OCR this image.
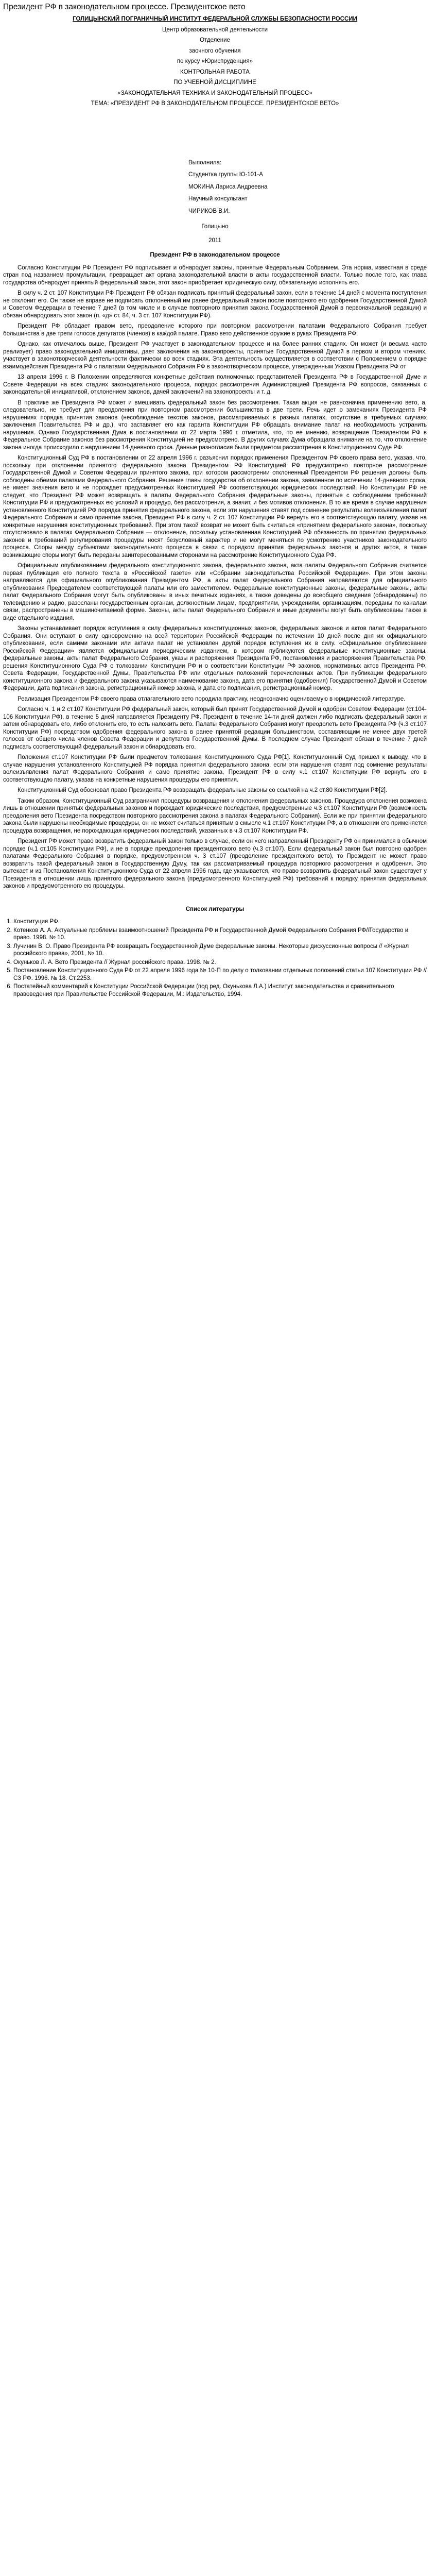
Президент РФ в законодательном процессе. Президентское вето

ГОЛИЦЫНСКИЙ ПОГРАНИЧНЫЙ ИНСТИТУТ ФЕДЕРАЛЬНОЙ СЛУЖБЫ БЕЗОПАСНОСТИ РОССИИ

Центр образовательной деятельности

Отделение

заочного обучения

по курсу «Юриспруденция»

КОНТРОЛЬНАЯ РАБОТА

ПО УЧЕБНОЙ ДИСЦИПЛИНЕ

«ЗАКОНОДАТЕЛЬНАЯ ТЕХНИКА И ЗАКОНОДАТЕЛЬНЫЙ ПРОЦЕСС»

ТЕМА: «ПРЕЗИДЕНТ РФ В ЗАКОНОДАТЕЛЬНОМ ПРОЦЕССЕ. ПРЕЗИДЕНТСКОЕ ВЕТО»

Выполнила:

Студентка группы Ю-101-А

МОКИНА Лариса Андреевна

Научный консультант

ЧИРИКОВ В.И.

Голицыно

2011

Президент РФ в законодательном процессе

Согласно Конституции РФ Президент РФ подписывает и обнародует законы, принятые Федеральным Собранием. Эта норма, известная в среде стран под названием промульгации, превращает акт органа законодательной власти в акты государственной власти. Только после того, как глава государства обнародует принятый федеральный закон, этот закон приобретает юридическую силу, обязательную исполнять его.

В силу ч. 2 ст. 107 Конституции РФ Президент РФ обязан подписать принятый федеральный закон, если в течение 14 дней с момента поступления не отклонит его. Он также не вправе не подписать отклоненный им ранее федеральный закон после повторного его одобрения Государственной Думой и Советом Федерации в течение 7 дней (в том числе и в случае повторного принятия закона Государственной Думой в первоначальной редакции) и обязан обнародовать этот закон (п. «д» ст. 84, ч. 3 ст. 107 Конституции РФ).

Президент РФ обладает правом вето, преодоление которого при повторном рассмотрении палатами Федерального Собрания требует большинства в две трети голосов депутатов (членов) в каждой палате. Право вето действенное оружие в руках Президента РФ.

Однако, как отмечалось выше, Президент РФ участвует в законодательном процессе и на более ранних стадиях. Он может (и весьма часто реализует) право законодательной инициативы, дает заключения на законопроекты, принятые Государственной Думой в первом и втором чтениях, участвует в законотворческой деятельности фактически во всех стадиях. Эта деятельность осуществляется в соответствии с Положением о порядке взаимодействия Президента РФ с палатами Федерального Собрания РФ в законотворческом процессе, утвержденным Указом Президента РФ от

13 апреля 1996 г. В Положении определяются конкретные действия полномочных представителей Президента РФ в Государственной Думе и Совете Федерации на всех стадиях законодательного процесса, порядок рассмотрения Администрацией Президента РФ вопросов, связанных с законодательной инициативой, отклонением законов, дачей заключений на законопроекты и т. д.

В практике же Президента РФ может и вмешивать федеральный закон без рассмотрения. Такая акция не равнозначна применению вето, а, следовательно, не требует для преодоления при повторном рассмотрении большинства в две трети. Речь идет о замечаниях Президента РФ нарушениях порядка принятия законов (несоблюдение текстов законов, рассматриваемых в разных палатах, отсутствие в требуемых случаях заключения Правительства РФ и др.), что заставляет его как гаранта Конституции РФ обращать внимание палат на необходимость устранить нарушения. Однако Государственная Дума в постановлении от 22 марта 1996 г. отметила, что, по ее мнению, возвращение Президентом РФ в Федеральное Собрание законов без рассмотрения Конституцией не предусмотрено. В других случаях Дума обращала внимание на то, что отклонение закона иногда происходило с нарушением 14-дневного срока. Данные разногласия были предметом рассмотрения в Конституционном Суде РФ.

Конституционный Суд РФ в постановлении от 22 апреля 1996 г. разъяснил порядок применения Президентом РФ своего права вето, указав, что, поскольку при отклонении принятого федерального закона Президентом РФ Конституцией РФ предусмотрено повторное рассмотрение Государственной Думой и Советом Федерации принятого закона, при котором рассмотрении отклоненный Президентом РФ решения должны быть соблюдены обеими палатами Федерального Собрания. Решение главы государства об отклонении закона, заявленное по истечении 14-дневного срока, не имеет значения вето и не порождает предусмотренных Конституцией РФ соответствующих юридических последствий. Но Конституции РФ не следует, что Президент РФ может возвращать в палаты Федерального Собрания федеральные законы, принятые с соблюдением требований Конституции РФ и предусмотренных ею условий и процедур, без рассмотрения, а значит, и без мотивов отклонения. В то же время в случае нарушения установленного Конституцией РФ порядка принятия федерального закона, если эти нарушения ставят под сомнение результаты волеизъявления палат Федерального Собрания и само принятие закона, Президент РФ в силу ч. 2 ст. 107 Конституции РФ вернуть его в соответствующую палату, указав на конкретные нарушения конституционных требований. При этом такой возврат не может быть считаться «принятием федерального закона», поскольку отсутствовало в палатах Федерального Собрания — отклонение, поскольку установленная Конституцией РФ обязанность по принятию федеральных законов и требований регулирования процедуры носят безусловный характер и не могут меняться по усмотрению участников законодательного процесса. Споры между субъектами законодательного процесса в связи с порядком принятия федеральных законов и других актов, в также возникающие споры могут быть переданы заинтересованными сторонами на рассмотрение Конституционного Суда РФ.

Официальным опубликованием федерального конституционного закона, федерального закона, акта палаты Федерального Собрания считается первая публикация его полного текста в «Российской газете» или «Собрании законодательства Российской Федерации». При этом законы направляются для официального опубликования Президентом РФ, а акты палат Федерального Собрания направляются для официального опубликования Председателем соответствующей палаты или его заместителем. Федеральные конституционные законы, федеральные законы, акты палат Федерального Собрания могут быть опубликованы в иных печатных изданиях, а также доведены до всеобщего сведения (обнародованы) по телевидению и радио, разосланы государственным органам, должностным лицам, предприятиям, учреждениям, организациям, переданы по каналам связи, распространены в машиночитаемой форме. Законы, акты палат Федерального Собрания и иные документы могут быть опубликованы также в виде отдельного издания.

Законы устанавливает порядок вступления в силу федеральных конституционных законов, федеральных законов и актов палат Федерального Собрания. Они вступают в силу одновременно на всей территории Российской Федерации по истечении 10 дней после дня их официального опубликования, если самими законами или актами палат не установлен другой порядок вступления их в силу. «Официальное опубликование Российской Федерации» является официальным периодическим изданием, в котором публикуются федеральные конституционные законы, федеральные законы, акты палат Федерального Собрания, указы и распоряжения Президента РФ, постановления и распоряжения Правительства РФ, решения Конституционного Суда РФ о толковании Конституции РФ и о соответствии Конституции РФ законов, нормативных актов Президента РФ, Совета Федерации, Государственной Думы, Правительства РФ или отдельных положений перечисленных актов. При публикации федерального конституционного закона и федерального закона указываются наименование закона, дата его принятия (одобрения) Государственной Думой и Советом Федерации, дата подписания закона, регистрационный номер закона, и дата его подписания, регистрационный номер.

Реализация Президентом РФ своего права отлагательного вето породила практику, неоднозначно оцениваемую в юридической литературе.

Согласно ч. 1 и 2 ст.107 Конституции РФ федеральный закон, который был принят Государственной Думой и одобрен Советом Федерации (ст.104-106 Конституции РФ), в течение 5 дней направляется Президенту РФ. Президент в течение 14-ти дней должен либо подписать федеральный закон и затем обнародовать его, либо отклонить его, то есть наложить вето. Палаты Федерального Собрания могут преодолеть вето Президента РФ (ч.3 ст.107 Конституции РФ) посредством одобрения федерального закона в ранее принятой редакции большинством, составляющим не менее двух третей голосов от общего числа членов Совета Федерации и депутатов Государственной Думы. В последнем случае Президент обязан в течение 7 дней подписать соответствующий федеральный закон и обнародовать его.

Положения ст.107 Конституции РФ были предметом толкования Конституционного Суда РФ[1]. Конституционный Суд пришел к выводу, что в случае нарушения установленного Конституцией РФ порядка принятия федерального закона, если эти нарушения ставят под сомнение результаты волеизъявления палат Федерального Собрания и само принятие закона, Президент РФ в силу ч.1 ст.107 Конституции РФ вернуть его в соответствующую палату, указав на конкретные нарушения процедуры его принятия.

Конституционный Суд обосновал право Президента РФ возвращать федеральные законы со ссылкой на ч.2 ст.80 Конституции РФ[2].

Таким образом, Конституционный Суд разграничил процедуры возвращения и отклонения федеральных законов. Процедура отклонения возможна лишь в отношении принятых федеральных законов и порождает юридические последствия, предусмотренные ч.3 ст.107 Конституции РФ (возможность преодоления вето Президента посредством повторного рассмотрения закона в палатах Федерального Собрания). Если же при принятии федерального закона были нарушены необходимые процедуры, он не может считаться принятым в смысле ч.1 ст.107 Конституции РФ, а в отношении его применяется процедура возвращения, не порождающая юридических последствий, указанных в ч.3 ст.107 Конституции РФ.

Президент РФ может право возвратить федеральный закон только в случае, если он «его направленный Президенту РФ он принимался в обычном порядке (ч.1 ст.105 Конституции РФ), и не в порядке преодоления президентского вето (ч.3 ст.107). Если федеральный закон был повторно одобрен палатами Федерального Собрания в порядке, предусмотренном ч. 3 ст.107 (преодоление президентского вето), то Президент не может право возвратить такой федеральный закон в Государственную Думу, так как рассматриваемый процедура повторного рассмотрения и одобрения. Это вытекает и из Постановления Конституционного Суда от 22 апреля 1996 года, где указывается, что право возвратить федеральный закон существует у Президента в отношении лишь принятого федерального закона (предусмотренного Конституцией РФ) требований к порядку принятия федеральных законов и предусмотренного ею процедуры.

Список литературы
1. Конституция РФ.
2. Котенков А. А. Актуальные проблемы взаимоотношений Президента РФ и Государственной Думой Федерального Собрания РФ//Государство и право. 1998. № 10.
3. Лучинин В. О. Право Президента РФ возвращать Государственной Думе федеральные законы. Некоторые дискуссионные вопросы // «Журнал российского права», 2001, № 10.
4. Окуньков Л. А. Вето Президента // Журнал российского права. 1998. № 2.
5. Постановление Конституционного Суда РФ от 22 апреля 1996 года № 10-П по делу о толковании отдельных положений статьи 107 Конституции РФ // СЗ РФ. 1996. № 18. Ст.2253.
6. Постатейный комментарий к Конституции Российской Федерации (под ред. Окунькова Л.А.) Институт законодательства и сравнительного правоведения при Правительстве Российской Федерации, М.: Издательство, 1994.
